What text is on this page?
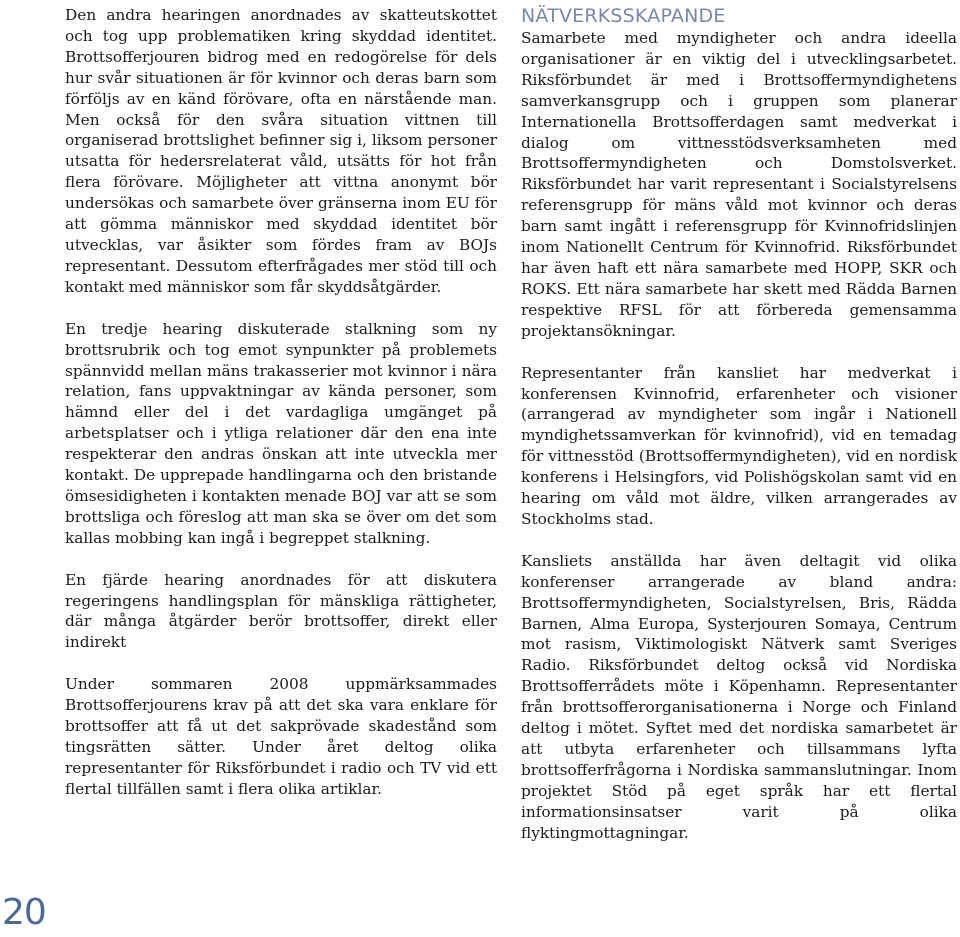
Den andra hearingen anordnades av skatteutskottet och tog upp problematiken kring skyddad identitet. Brottsofferjouren bidrog med en redogörelse för dels hur svår situationen är för kvinnor och deras barn som förföljs av en känd förövare, ofta en närstående man. Men också för den svåra situation vittnen till organiserad brottslighet befinner sig i, liksom personer utsatta för hedersrelaterat våld, utsätts för hot från flera förövare. Möjligheter att vittna anonymt bör undersökas och samarbete över gränserna inom EU för att gömma människor med skyddad identitet bör utvecklas, var åsikter som fördes fram av BOJs representant. Dessutom efterfrågades mer stöd till och kontakt med människor som får skyddsåtgärder.

En tredje hearing diskuterade stalkning som ny brottsrubrik och tog emot synpunkter på problemets spännvidd mellan mäns trakasserier mot kvinnor i nära relation, fans uppvaktningar av kända personer, som hämnd eller del i det vardagliga umgänget på arbetsplatser och i ytliga relationer där den ena inte respekterar den andras önskan att inte utveckla mer kontakt. De upprepade handlingarna och den bristande ömsesidigheten i kontakten menade BOJ var att se som brottsliga och föreslog att man ska se över om det som kallas mobbing kan ingå i begreppet stalkning.

En fjärde hearing anordnades för att diskutera regeringens handlingsplan för mänskliga rättigheter, där många åtgärder berör brottsoffer, direkt eller indirekt

Under sommaren 2008 uppmärksammades Brottsofferjourens krav på att det ska vara enklare för brottsoffer att få ut det sakprövade skadestånd som tingsrätten sätter. Under året deltog olika representanter för Riksförbundet i radio och TV vid ett flertal tillfällen samt i flera olika artiklar.

NÄTVERKSSKAPANDE

Samarbete med myndigheter och andra ideella organisationer är en viktig del i utvecklingsarbetet. Riksförbundet är med i Brottsoffermyndighetens samverkansgrupp och i gruppen som planerar Internationella Brottsofferdagen samt medverkat i dialog om vittnesstödsverksamheten med Brottsoffermyndigheten och Domstolsverket. Riksförbundet har varit representant i Socialstyrelsens referensgrupp för mäns våld mot kvinnor och deras barn samt ingått i referensgrupp för Kvinnofridslinjen inom Nationellt Centrum för Kvinnofrid. Riksförbundet har även haft ett nära samarbete med HOPP, SKR och ROKS. Ett nära samarbete har skett med Rädda Barnen respektive RFSL för att förbereda gemensamma projektansökningar.

Representanter från kansliet har medverkat i konferensen Kvinnofrid, erfarenheter och visioner (arrangerad av myndigheter som ingår i Nationell myndighetssamverkan för kvinnofrid), vid en temadag för vittnesstöd (Brottsoffermyndigheten), vid en nordisk konferens i Helsingfors, vid Polishögskolan samt vid en hearing om våld mot äldre, vilken arrangerades av Stockholms stad.

Kansliets anställda har även deltagit vid olika konferenser arrangerade av bland andra: Brottsoffermyndigheten, Socialstyrelsen, Bris, Rädda Barnen, Alma Europa, Systerjouren Somaya, Centrum mot rasism, Viktimologiskt Nätverk samt Sveriges Radio. Riksförbundet deltog också vid Nordiska Brottsofferrådets möte i Köpenhamn. Representanter från brottsofferorganisationerna i Norge och Finland deltog i mötet. Syftet med det nordiska samarbetet är att utbyta erfarenheter och tillsammans lyfta brottsofferfrågorna i Nordiska sammanslutningar. Inom projektet Stöd på eget språk har ett flertal informationsinsatser varit på olika flyktingmottagningar.

20
